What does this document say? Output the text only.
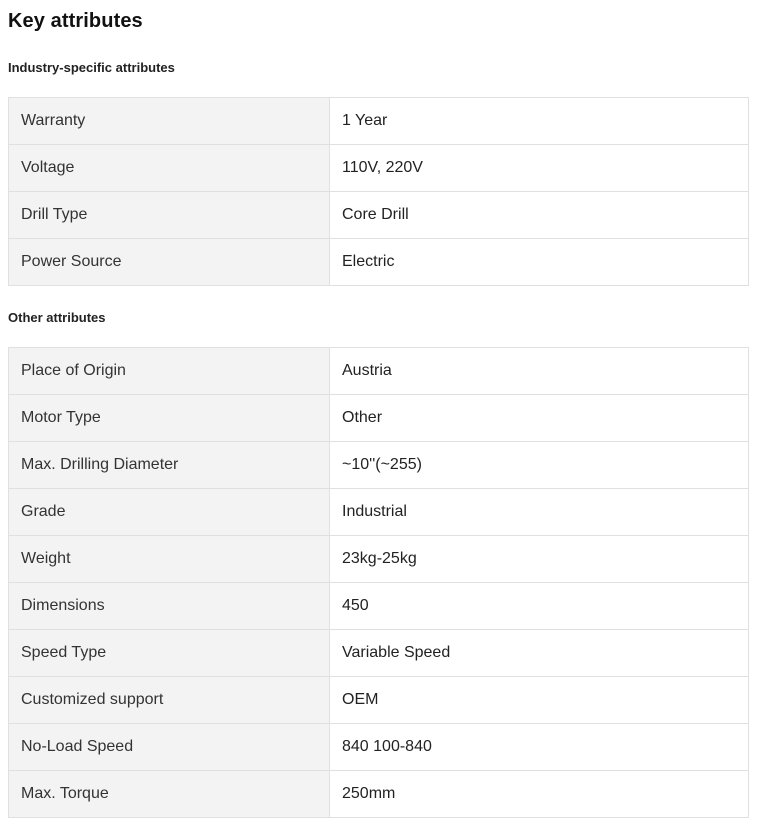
Key attributes
Industry-specific attributes
Warranty	1 Year
Voltage	110V, 220V
Drill Type	Core Drill
Power Source	Electric
Other attributes
Place of Origin	Austria
Motor Type	Other
Max. Drilling Diameter	~10''(~255)
Grade	Industrial
Weight	23kg-25kg
Dimensions	450
Speed Type	Variable Speed
Customized support	OEM
No-Load Speed	840 100-840
Max. Torque	250mm
